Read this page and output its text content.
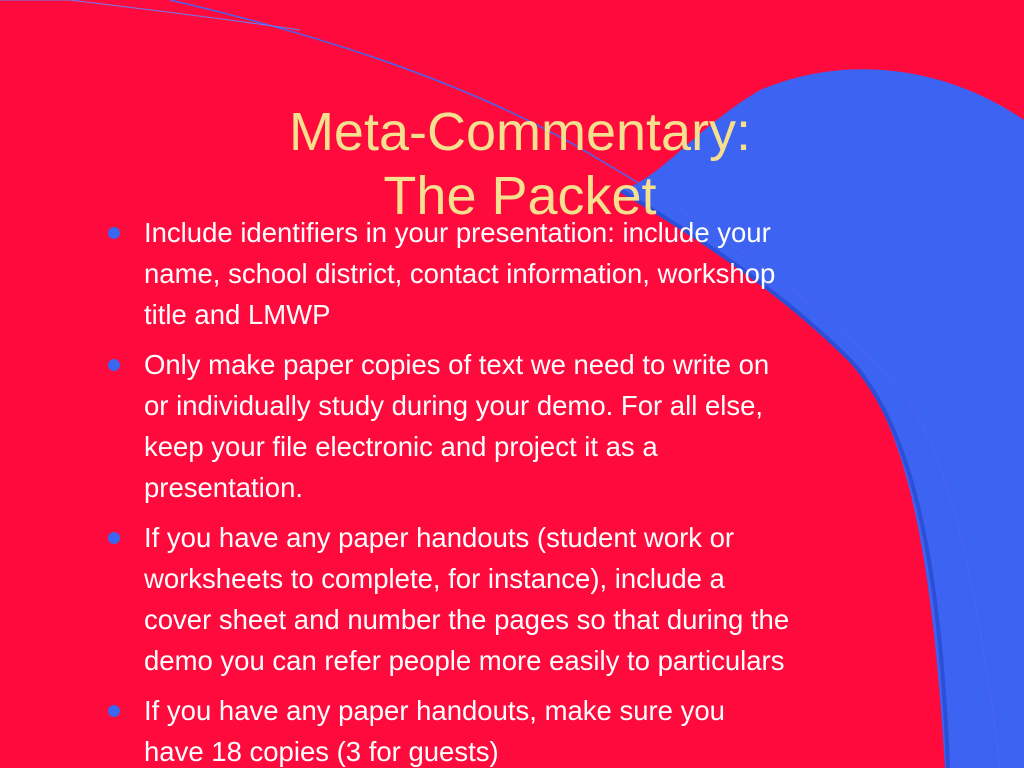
Meta-Commentary:
The Packet
Include identifiers in your presentation: include your
name, school district, contact information, workshop
title and LMWP
Only make paper copies of text we need to write on
or individually study during your demo. For all else,
keep your file electronic and project it as a
presentation.
If you have any paper handouts (student work or
worksheets to complete, for instance), include a
cover sheet and number the pages so that during the
demo you can refer people more easily to particulars
If you have any paper handouts, make sure you
have 18 copies (3 for guests)
